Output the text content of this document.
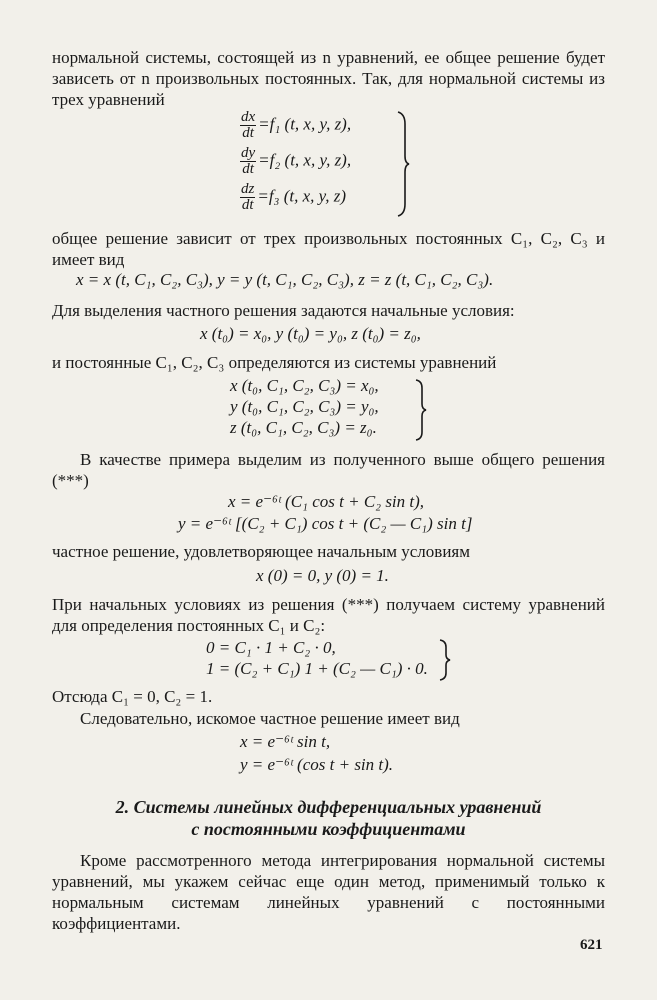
нормальной системы, состоящей из n уравнений, ее общее решение будет зависеть от n произвольных постоянных. Так, для нормальной системы из трех уравнений
$\frac{dx}{dt} =f_1$ (t, x, y, z),
$\frac{dy}{dt} =f_2$ (t, x, y, z),
$\frac{dz}{dt} =f_3$ (t, x, y, z)
общее решение зависит от трех произвольных постоянных C₁, C₂, C₃ и имеет вид
x = x (t, C₁, C₂, C₃), y = y (t, C₁, C₂, C₃), z = z (t, C₁, C₂, C₃).
Для выделения частного решения задаются начальные условия:
x (t₀) = x₀, y (t₀) = y₀, z (t₀) = z₀,
и постоянные C₁, C₂, C₃ определяются из системы уравнений
x (t₀, C₁, C₂, C₃) = x₀,
y (t₀, C₁, C₂, C₃) = y₀,
z (t₀, C₁, C₂, C₃) = z₀.
В качестве примера выделим из полученного выше общего решения (***)
x = e⁻⁶ᵗ (C₁ cos t + C₂ sin t),
y = e⁻⁶ᵗ [(C₂ + C₁) cos t + (C₂ — C₁) sin t]
частное решение, удовлетворяющее начальным условиям
x (0) = 0, y (0) = 1.
При начальных условиях из решения (***) получаем систему уравнений для определения постоянных C₁ и C₂:
0 = C₁ · 1 + C₂ · 0,
1 = (C₂ + C₁) 1 + (C₂ — C₁) · 0.
Отсюда C₁ = 0, C₂ = 1.
Следовательно, искомое частное решение имеет вид
x = e⁻⁶ᵗ sin t,
y = e⁻⁶ᵗ (cos t + sin t).
2. Системы линейных дифференциальных уравнений
с постоянными коэффициентами
Кроме рассмотренного метода интегрирования нормальной системы уравнений, мы укажем сейчас еще один метод, применимый только к нормальным системам линейных уравнений с постоянными коэффициентами.
621
